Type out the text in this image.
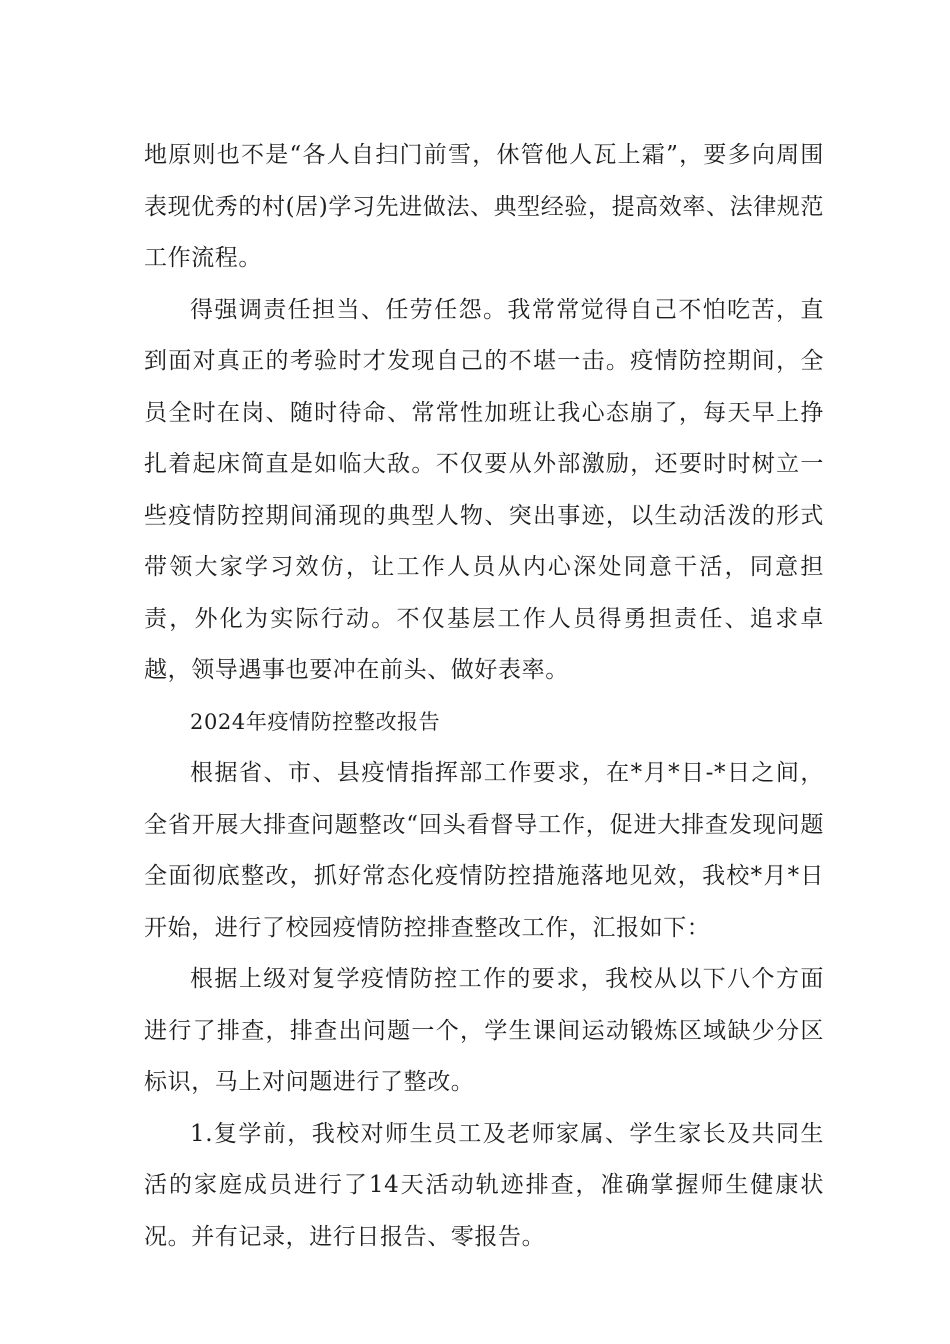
地原则也不是“各人自扫门前雪，休管他人瓦上霜”，要多向周围表现优秀的村(居)学习先进做法、典型经验，提高效率、法律规范工作流程。

得强调责任担当、任劳任怨。我常常觉得自己不怕吃苦，直到面对真正的考验时才发现自己的不堪一击。疫情防控期间，全员全时在岗、随时待命、常常性加班让我心态崩了，每天早上挣扎着起床简直是如临大敌。不仅要从外部激励，还要时时树立一些疫情防控期间涌现的典型人物、突出事迹，以生动活泼的形式带领大家学习效仿，让工作人员从内心深处同意干活，同意担责，外化为实际行动。不仅基层工作人员得勇担责任、追求卓越，领导遇事也要冲在前头、做好表率。

2024年疫情防控整改报告

根据省、市、县疫情指挥部工作要求，在*月*日-*日之间，全省开展大排查问题整改“回头看督导工作，促进大排查发现问题全面彻底整改，抓好常态化疫情防控措施落地见效，我校*月*日开始，进行了校园疫情防控排查整改工作，汇报如下：

根据上级对复学疫情防控工作的要求，我校从以下八个方面进行了排查，排查出问题一个，学生课间运动锻炼区域缺少分区标识，马上对问题进行了整改。

1.复学前，我校对师生员工及老师家属、学生家长及共同生活的家庭成员进行了14天活动轨迹排查，准确掌握师生健康状况。并有记录，进行日报告、零报告。
